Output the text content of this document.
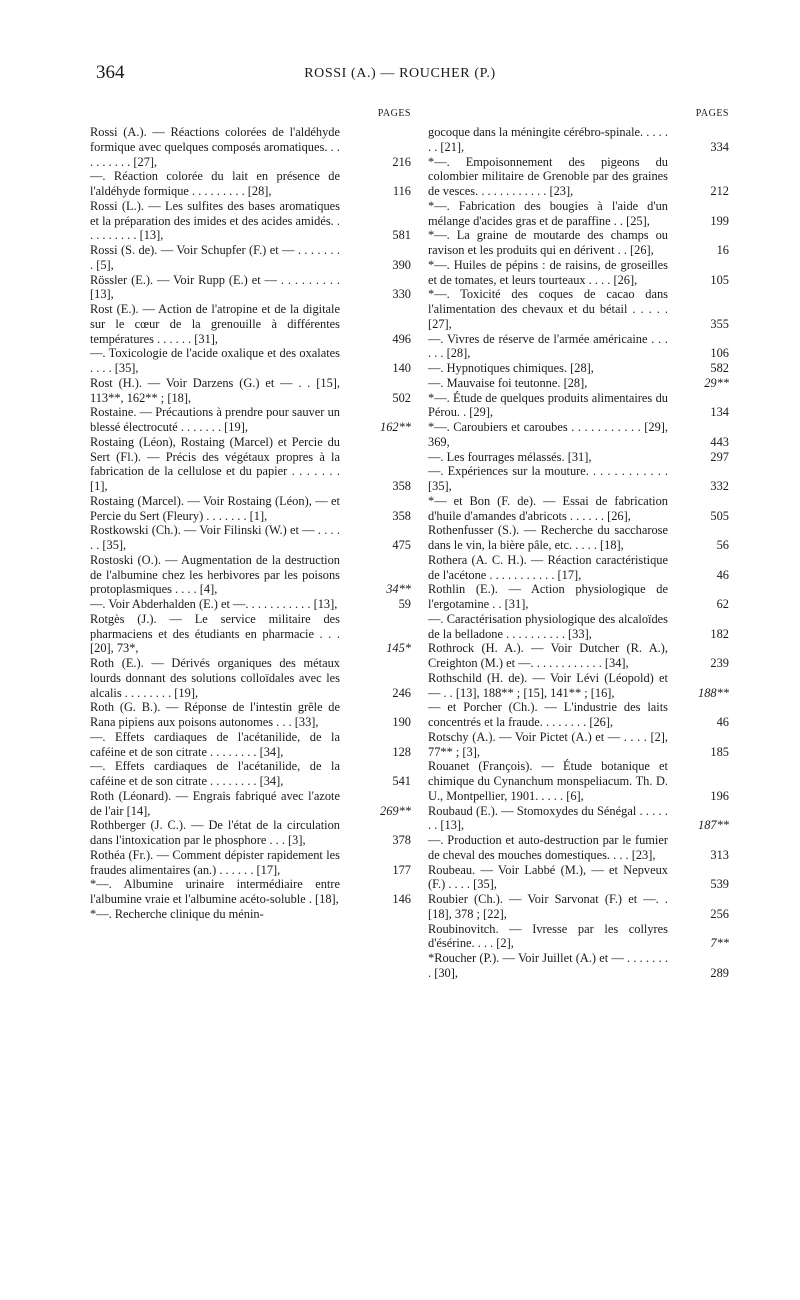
364	ROSSI (A.) — ROUCHER (P.)
PAGES
Rossi (A.). — Réactions colorées de l'aldéhyde formique avec quelques composés aromatiques. . . . . . . . . . [27],	216
—. Réaction colorée du lait en présence de l'aldéhyde formique . . . . . . . . . [28],	116
Rossi (L.). — Les sulfites des bases aromatiques et la préparation des imides et des acides amidés. . . . . . . . . . [13],	581
Rossi (S. de). — Voir Schupfer (F.) et — . . . . . . . . [5],	390
Rössler (E.). — Voir Rupp (E.) et — . . . . . . . . . [13],	330
Rost (E.). — Action de l'atropine et de la digitale sur le cœur de la grenouille à différentes températures . . . . . . [31],	496
—. Toxicologie de l'acide oxalique et des oxalates . . . . [35],	140
Rost (H.). — Voir Darzens (G.) et — . . [15], 113**, 162** ; [18],	502
Rostaine. — Précautions à prendre pour sauver un blessé électrocuté . . . . . . . [19],	162**
Rostaing (Léon), Rostaing (Marcel) et Percie du Sert (Fl.). — Précis des végétaux propres à la fabrication de la cellulose et du papier . . . . . . . [1],	358
Rostaing (Marcel). — Voir Rostaing (Léon), — et Percie du Sert (Fleury) . . . . . . . [1],	358
Rostkowski (Ch.). — Voir Filinski (W.) et — . . . . . . [35],	475
Rostoski (O.). — Augmentation de la destruction de l'albumine chez les herbivores par les poisons protoplasmiques . . . . [4],	34**
—. Voir Abderhalden (E.) et —. . . . . . . . . . . [13],	59
Rotgès (J.). — Le service militaire des pharmaciens et des étudiants en pharmacie . . . [20], 73*,	145*
Roth (E.). — Dérivés organiques des métaux lourds donnant des solutions colloïdales avec les alcalis . . . . . . . . [19],	246
Roth (G. B.). — Réponse de l'intestin grêle de Rana pipiens aux poisons autonomes . . . [33],	190
—. Effets cardiaques de l'acétanilide, de la caféine et de son citrate . . . . . . . . [34],	128
—. Effets cardiaques de l'acétanilide, de la caféine et de son citrate . . . . . . . . [34],	541
Roth (Léonard). — Engrais fabriqué avec l'azote de l'air [14],	269**
Rothberger (J. C.). — De l'état de la circulation dans l'intoxication par le phosphore . . . [3],	378
Rothéa (Fr.). — Comment dépister rapidement les fraudes alimentaires (an.) . . . . . . [17],	177
*—. Albumine urinaire intermédiaire entre l'albumine vraie et l'albumine acéto-soluble . [18],	146
*—. Recherche clinique du ménin-
PAGES
gocoque dans la méningite cérébro-spinale. . . . . . . [21],	334
*—. Empoisonnement des pigeons du colombier militaire de Grenoble par des graines de vesces. . . . . . . . . . . . [23],	212
*—. Fabrication des bougies à l'aide d'un mélange d'acides gras et de paraffine . . [25],	199
*—. La graine de moutarde des champs ou ravison et les produits qui en dérivent . . [26],	16
*—. Huiles de pépins : de raisins, de groseilles et de tomates, et leurs tourteaux . . . . [26],	105
*—. Toxicité des coques de cacao dans l'alimentation des chevaux et du bétail . . . . . [27],	355
—. Vivres de réserve de l'armée américaine . . . . . . [28],	106
—. Hypnotiques chimiques. [28],	582
—. Mauvaise foi teutonne. [28],	29**
*—. Étude de quelques produits alimentaires du Pérou. . [29],	134
*—. Caroubiers et caroubes . . . . . . . . . . . [29], 369,	443
—. Les fourrages mélassés. [31],	297
—. Expériences sur la mouture. . . . . . . . . . . . [35],	332
*— et Bon (F. de). — Essai de fabrication d'huile d'amandes d'abricots . . . . . . [26],	505
Rothenfusser (S.). — Recherche du saccharose dans le vin, la bière pâle, etc. . . . . [18],	56
Rothera (A. C. H.). — Réaction caractéristique de l'acétone . . . . . . . . . . . [17],	46
Rothlin (E.). — Action physiologique de l'ergotamine . . [31],	62
—. Caractérisation physiologique des alcaloïdes de la belladone . . . . . . . . . . [33],	182
Rothrock (H. A.). — Voir Dutcher (R. A.), Creighton (M.) et —. . . . . . . . . . . . [34],	239
Rothschild (H. de). — Voir Lévi (Léopold) et — . . [13], 188** ; [15], 141** ; [16],	188**
— et Porcher (Ch.). — L'industrie des laits concentrés et la fraude. . . . . . . . [26],	46
Rotschy (A.). — Voir Pictet (A.) et — . . . . [2], 77** ; [3],	185
Rouanet (François). — Étude botanique et chimique du Cynanchum monspeliacum. Th. D. U., Montpellier, 1901. . . . . [6],	196
Roubaud (E.). — Stomoxydes du Sénégal . . . . . . . [13],	187**
—. Production et auto-destruction par le fumier de cheval des mouches domestiques. . . . [23],	313
Roubeau. — Voir Labbé (M.), — et Nepveux (F.) . . . . [35],	539
Roubier (Ch.). — Voir Sarvonat (F.) et —. . [18], 378 ; [22],	256
Roubinovitch. — Ivresse par les collyres d'ésérine. . . . [2],	7**
*Roucher (P.). — Voir Juillet (A.) et — . . . . . . . . [30],	289
